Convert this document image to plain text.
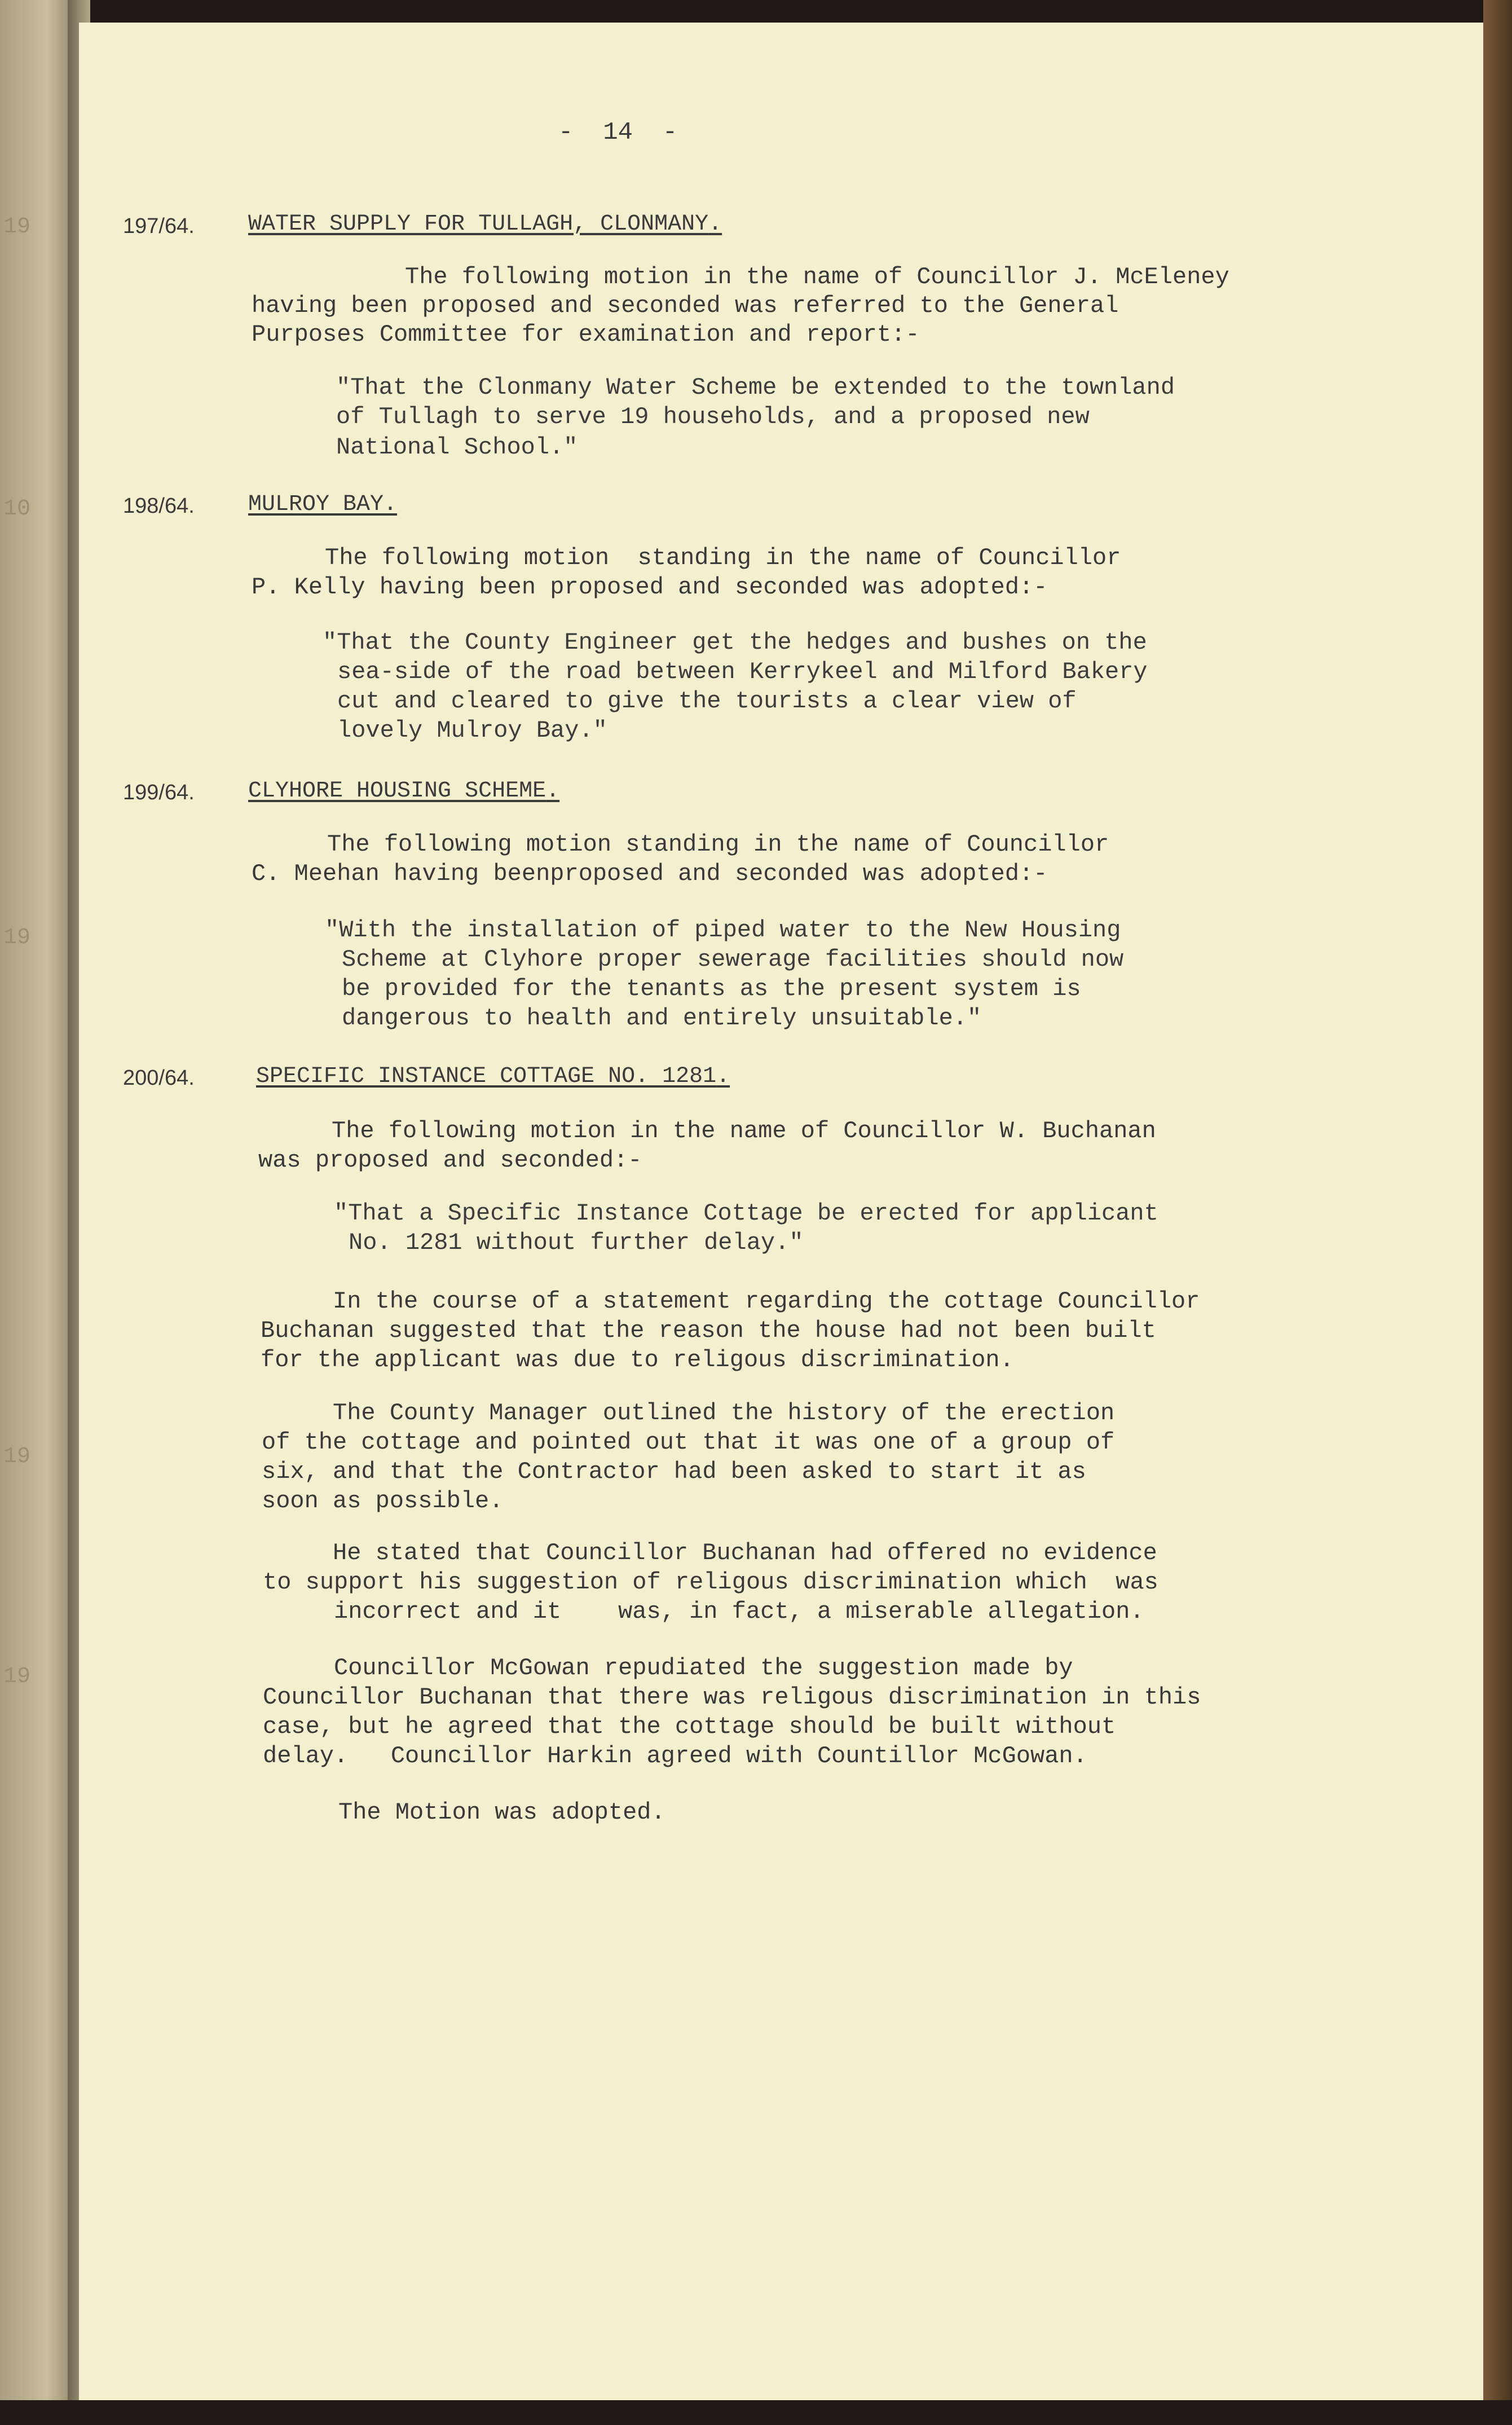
19
10
19
19
19
-  14  -
197/64. WATER SUPPLY FOR TULLAGH, CLONMANY.
The following motion in the name of Councillor J. McEleney
having been proposed and seconded was referred to the General
Purposes Committee for examination and report:-
"That the Clonmany Water Scheme be extended to the townland
of Tullagh to serve 19 households, and a proposed new
National School."
198/64. MULROY BAY.
The following motion  standing in the name of Councillor
P. Kelly having been proposed and seconded was adopted:-
"That the County Engineer get the hedges and bushes on the
sea-side of the road between Kerrykeel and Milford Bakery
cut and cleared to give the tourists a clear view of
lovely Mulroy Bay."
199/64. CLYHORE HOUSING SCHEME.
The following motion standing in the name of Councillor
C. Meehan having beenproposed and seconded was adopted:-
"With the installation of piped water to the New Housing
Scheme at Clyhore proper sewerage facilities should now
be provided for the tenants as the present system is
dangerous to health and entirely unsuitable."
200/64.	SPECIFIC INSTANCE COTTAGE NO. 1281.
The following motion in the name of Councillor W. Buchanan
was proposed and seconded:-
"That a Specific Instance Cottage be erected for applicant
No. 1281 without further delay."
In the course of a statement regarding the cottage Councillor
Buchanan suggested that the reason the house had not been built
for the applicant was due to religous discrimination.
The County Manager outlined the history of the erection
of the cottage and pointed out that it was one of a group of
six, and that the Contractor had been asked to start it as
soon as possible.
He stated that Councillor Buchanan had offered no evidence
to support his suggestion of religous discrimination which  was
incorrect and it    was, in fact, a miserable allegation.
Councillor McGowan repudiated the suggestion made by
Councillor Buchanan that there was religous discrimination in this
case, but he agreed that the cottage should be built without
delay.   Councillor Harkin agreed with Countillor McGowan.
The Motion was adopted.
